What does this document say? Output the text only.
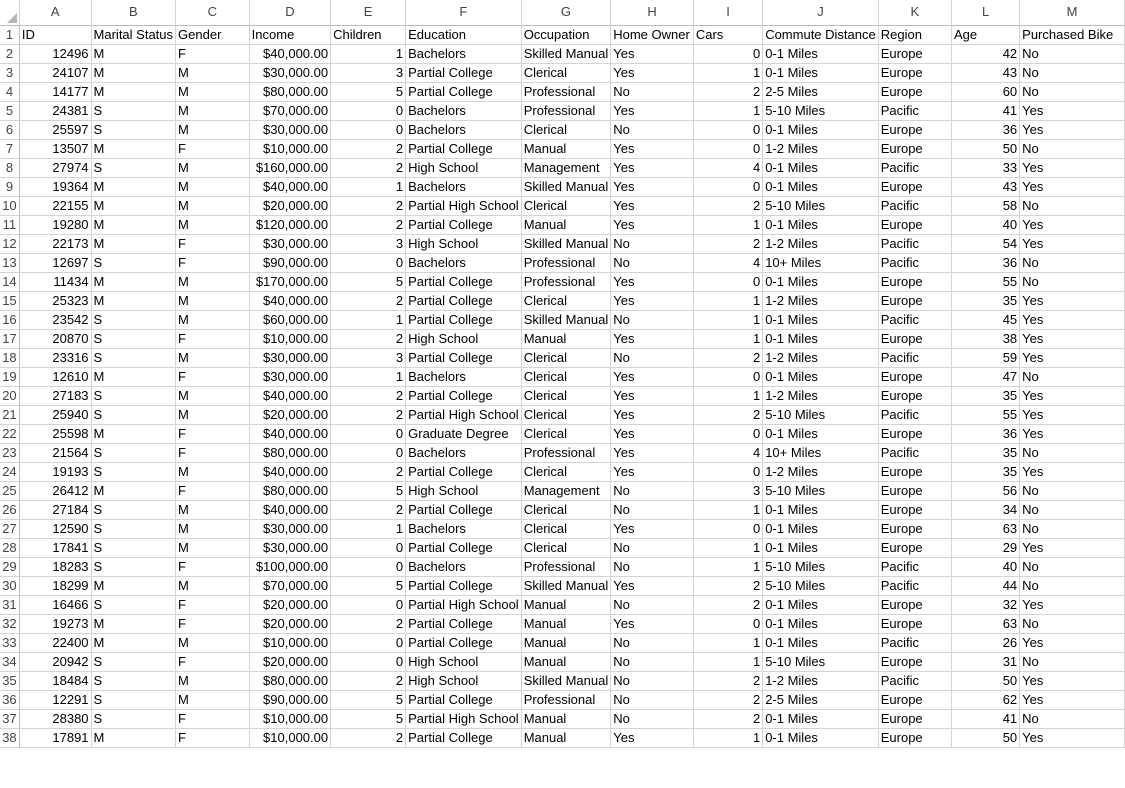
	A	B	C	D	E	F	G	H	I	J	K	L	M
1	ID	Marital Status	Gender	Income	Children	Education	Occupation	Home Owner	Cars	Commute Distance	Region	Age	Purchased Bike
2	12496	M	F	$40,000.00	1	Bachelors	Skilled Manual	Yes	0	0-1 Miles	Europe	42	No
3	24107	M	M	$30,000.00	3	Partial College	Clerical	Yes	1	0-1 Miles	Europe	43	No
4	14177	M	M	$80,000.00	5	Partial College	Professional	No	2	2-5 Miles	Europe	60	No
5	24381	S	M	$70,000.00	0	Bachelors	Professional	Yes	1	5-10 Miles	Pacific	41	Yes
6	25597	S	M	$30,000.00	0	Bachelors	Clerical	No	0	0-1 Miles	Europe	36	Yes
7	13507	M	F	$10,000.00	2	Partial College	Manual	Yes	0	1-2 Miles	Europe	50	No
8	27974	S	M	$160,000.00	2	High School	Management	Yes	4	0-1 Miles	Pacific	33	Yes
9	19364	M	M	$40,000.00	1	Bachelors	Skilled Manual	Yes	0	0-1 Miles	Europe	43	Yes
10	22155	M	M	$20,000.00	2	Partial High School	Clerical	Yes	2	5-10 Miles	Pacific	58	No
11	19280	M	M	$120,000.00	2	Partial College	Manual	Yes	1	0-1 Miles	Europe	40	Yes
12	22173	M	F	$30,000.00	3	High School	Skilled Manual	No	2	1-2 Miles	Pacific	54	Yes
13	12697	S	F	$90,000.00	0	Bachelors	Professional	No	4	10+ Miles	Pacific	36	No
14	11434	M	M	$170,000.00	5	Partial College	Professional	Yes	0	0-1 Miles	Europe	55	No
15	25323	M	M	$40,000.00	2	Partial College	Clerical	Yes	1	1-2 Miles	Europe	35	Yes
16	23542	S	M	$60,000.00	1	Partial College	Skilled Manual	No	1	0-1 Miles	Pacific	45	Yes
17	20870	S	F	$10,000.00	2	High School	Manual	Yes	1	0-1 Miles	Europe	38	Yes
18	23316	S	M	$30,000.00	3	Partial College	Clerical	No	2	1-2 Miles	Pacific	59	Yes
19	12610	M	F	$30,000.00	1	Bachelors	Clerical	Yes	0	0-1 Miles	Europe	47	No
20	27183	S	M	$40,000.00	2	Partial College	Clerical	Yes	1	1-2 Miles	Europe	35	Yes
21	25940	S	M	$20,000.00	2	Partial High School	Clerical	Yes	2	5-10 Miles	Pacific	55	Yes
22	25598	M	F	$40,000.00	0	Graduate Degree	Clerical	Yes	0	0-1 Miles	Europe	36	Yes
23	21564	S	F	$80,000.00	0	Bachelors	Professional	Yes	4	10+ Miles	Pacific	35	No
24	19193	S	M	$40,000.00	2	Partial College	Clerical	Yes	0	1-2 Miles	Europe	35	Yes
25	26412	M	F	$80,000.00	5	High School	Management	No	3	5-10 Miles	Europe	56	No
26	27184	S	M	$40,000.00	2	Partial College	Clerical	No	1	0-1 Miles	Europe	34	No
27	12590	S	M	$30,000.00	1	Bachelors	Clerical	Yes	0	0-1 Miles	Europe	63	No
28	17841	S	M	$30,000.00	0	Partial College	Clerical	No	1	0-1 Miles	Europe	29	Yes
29	18283	S	F	$100,000.00	0	Bachelors	Professional	No	1	5-10 Miles	Pacific	40	No
30	18299	M	M	$70,000.00	5	Partial College	Skilled Manual	Yes	2	5-10 Miles	Pacific	44	No
31	16466	S	F	$20,000.00	0	Partial High School	Manual	No	2	0-1 Miles	Europe	32	Yes
32	19273	M	F	$20,000.00	2	Partial College	Manual	Yes	0	0-1 Miles	Europe	63	No
33	22400	M	M	$10,000.00	0	Partial College	Manual	No	1	0-1 Miles	Pacific	26	Yes
34	20942	S	F	$20,000.00	0	High School	Manual	No	1	5-10 Miles	Europe	31	No
35	18484	S	M	$80,000.00	2	High School	Skilled Manual	No	2	1-2 Miles	Pacific	50	Yes
36	12291	S	M	$90,000.00	5	Partial College	Professional	No	2	2-5 Miles	Europe	62	Yes
37	28380	S	F	$10,000.00	5	Partial High School	Manual	No	2	0-1 Miles	Europe	41	No
38	17891	M	F	$10,000.00	2	Partial College	Manual	Yes	1	0-1 Miles	Europe	50	Yes
